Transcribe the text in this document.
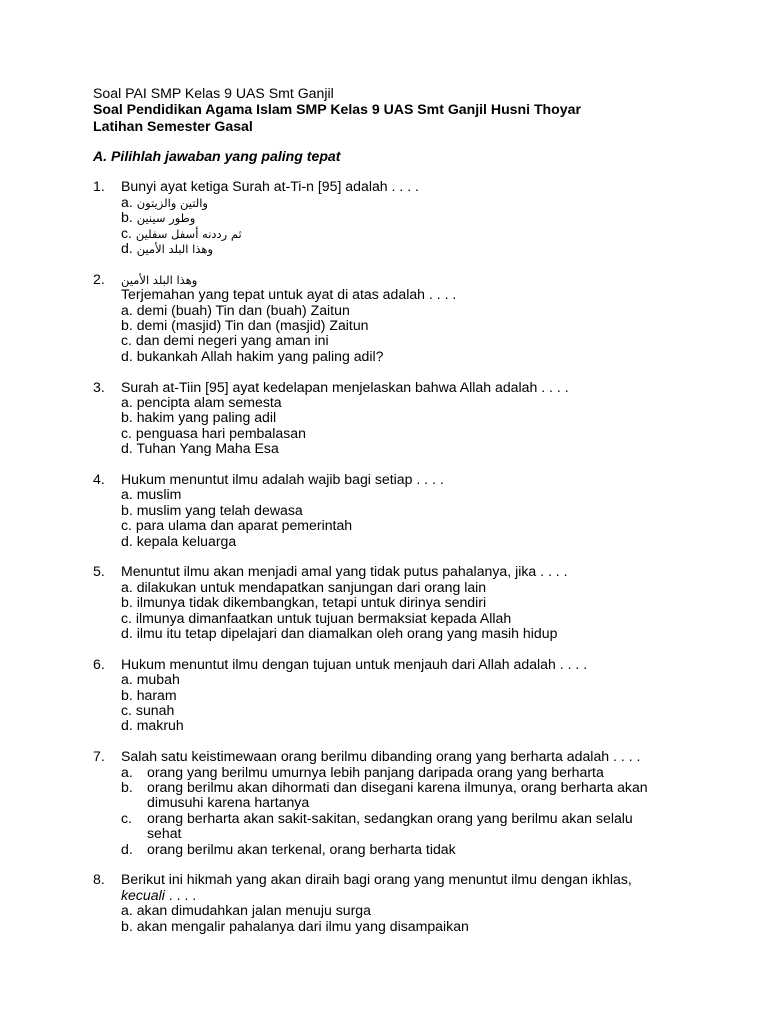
Soal PAI SMP Kelas 9 UAS Smt Ganjil
Soal Pendidikan Agama Islam SMP Kelas 9 UAS Smt Ganjil Husni Thoyar
Latihan Semester Gasal
A. Pilihlah jawaban yang paling tepat
1.	Bunyi ayat ketiga Surah at-Ti-n [95] adalah . . . .
a. والتين والزيتون
b. وطور سينين
c. ثم رددنه أسفل سفلين
d. وهذا البلد الأمين
2.	وهذا البلد الأمين
Terjemahan yang tepat untuk ayat di atas adalah . . . .
a. demi (buah) Tin dan (buah) Zaitun
b. demi (masjid) Tin dan (masjid) Zaitun
c. dan demi negeri yang aman ini
d. bukankah Allah hakim yang paling adil?
3.	Surah at-Tiin [95] ayat kedelapan menjelaskan bahwa Allah adalah . . . .
a. pencipta alam semesta
b. hakim yang paling adil
c. penguasa hari pembalasan
d. Tuhan Yang Maha Esa
4.	Hukum menuntut ilmu adalah wajib bagi setiap . . . .
a. muslim
b. muslim yang telah dewasa
c. para ulama dan aparat pemerintah
d. kepala keluarga
5.	Menuntut ilmu akan menjadi amal yang tidak putus pahalanya, jika . . . .
a. dilakukan untuk mendapatkan sanjungan dari orang lain
b. ilmunya tidak dikembangkan, tetapi untuk dirinya sendiri
c. ilmunya dimanfaatkan untuk tujuan bermaksiat kepada Allah
d. ilmu itu tetap dipelajari dan diamalkan oleh orang yang masih hidup
6.	Hukum menuntut ilmu dengan tujuan untuk menjauh dari Allah adalah . . . .
a. mubah
b. haram
c. sunah
d. makruh
7.	Salah satu keistimewaan orang berilmu dibanding orang yang berharta adalah . . . .
a.	orang yang berilmu umurnya lebih panjang daripada orang yang berharta
b.	orang berilmu akan dihormati dan disegani karena ilmunya, orang berharta akan dimusuhi karena hartanya
c.	orang berharta akan sakit-sakitan, sedangkan orang yang berilmu akan selalu sehat
d.	orang berilmu akan terkenal, orang berharta tidak
8.	Berikut ini hikmah yang akan diraih bagi orang yang menuntut ilmu dengan ikhlas,
kecuali . . . .
a. akan dimudahkan jalan menuju surga
b. akan mengalir pahalanya dari ilmu yang disampaikan
